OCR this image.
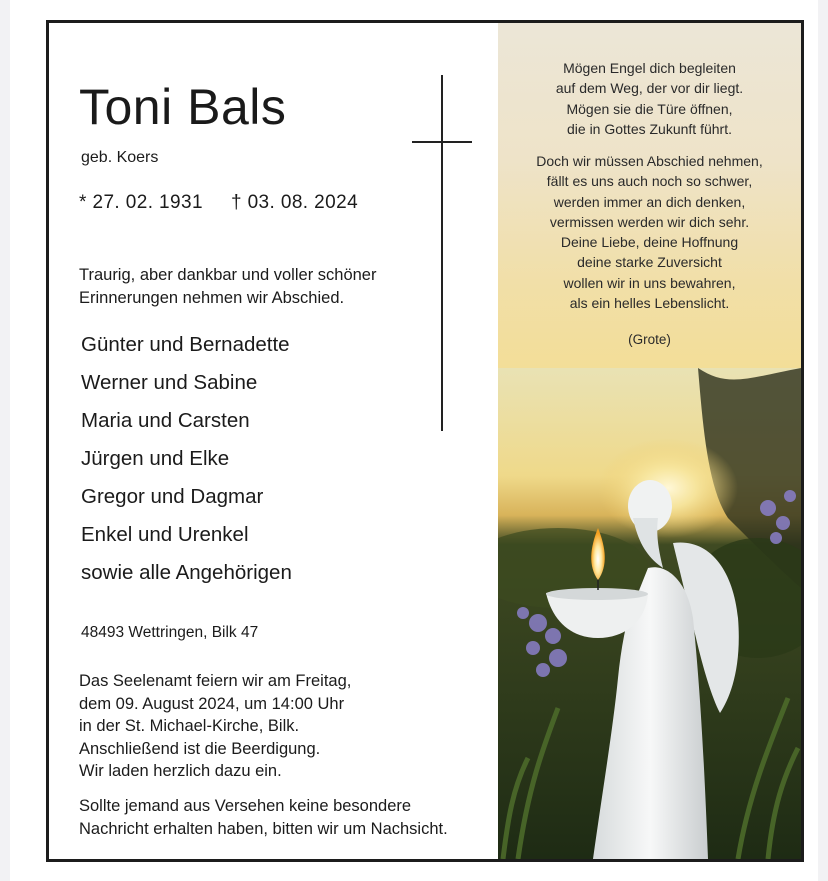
Toni Bals
geb. Koers
* 27. 02. 1931 † 03. 08. 2024
Traurig, aber dankbar und voller schöner
Erinnerungen nehmen wir Abschied.
Günter und Bernadette
Werner und Sabine
Maria und Carsten
Jürgen und Elke
Gregor und Dagmar
Enkel und Urenkel
sowie alle Angehörigen
48493 Wettringen, Bilk 47
Das Seelenamt feiern wir am Freitag,
dem 09. August 2024, um 14:00 Uhr
in der St. Michael-Kirche, Bilk.
Anschließend ist die Beerdigung.
Wir laden herzlich dazu ein.
Sollte jemand aus Versehen keine besondere
Nachricht erhalten haben, bitten wir um Nachsicht.
Mögen Engel dich begleiten
auf dem Weg, der vor dir liegt.
Mögen sie die Türe öffnen,
die in Gottes Zukunft führt.
Doch wir müssen Abschied nehmen,
fällt es uns auch noch so schwer,
werden immer an dich denken,
vermissen werden wir dich sehr.
Deine Liebe, deine Hoffnung
deine starke Zuversicht
wollen wir in uns bewahren,
als ein helles Lebenslicht.
(Grote)
